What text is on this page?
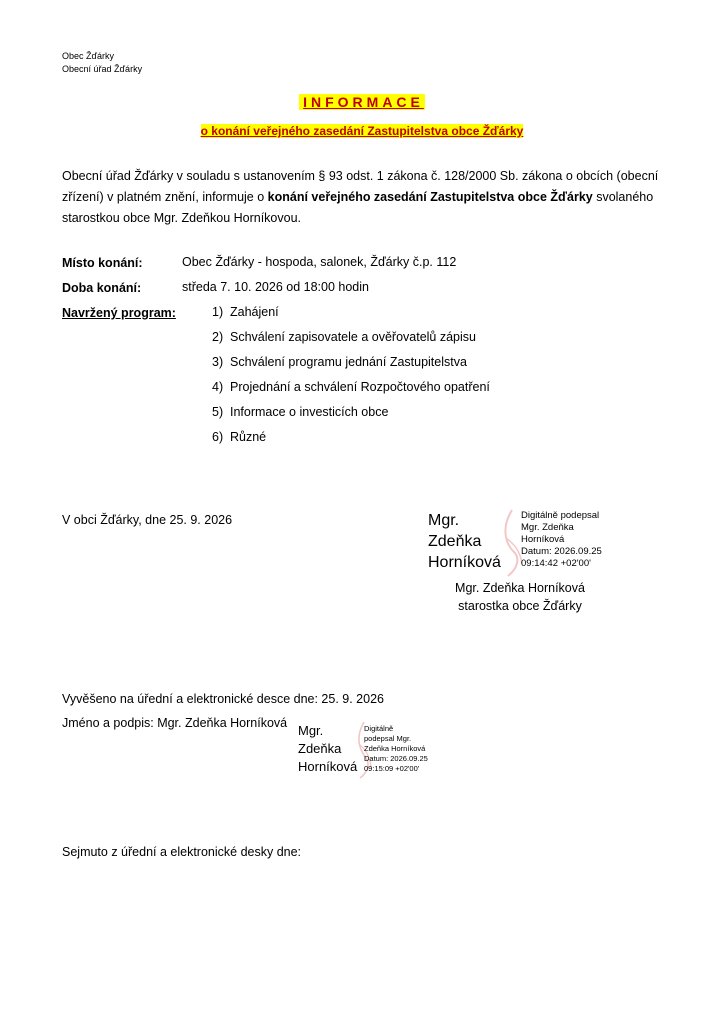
Obec Žďárky
Obecní úřad Žďárky
INFORMACE
o konání veřejného zasedání Zastupitelstva obce Žďárky
Obecní úřad Žďárky v souladu s ustanovením § 93 odst. 1 zákona č. 128/2000 Sb. zákona o obcích (obecní zřízení) v platném znění, informuje o konání veřejného zasedání Zastupitelstva obce Žďárky svolaného starostkou obce Mgr. Zdeňkou Horníkovou.
Místo konání:	Obec Žďárky - hospoda, salonek, Žďárky č.p. 112
Doba konání:	středa 7. 10. 2026 od 18:00 hodin
Navržený program:	1) Zahájení
2) Schválení zapisovatele a ověřovatelů zápisu
3) Schválení programu jednání Zastupitelstva
4) Projednání a schválení Rozpočtového opatření
5) Informace o investicích obce
6) Různé
V obci Žďárky, dne 25. 9. 2026	Mgr.
Zdeňka
Horníková
Digitálně podepsal
Mgr. Zdeňka
Horníková
Datum: 2026.09.25
09:14:42 +02'00'
Mgr. Zdeňka Horníková
starostka obce Žďárky
Vyvěšeno na úřední a elektronické desce dne: 25. 9. 2026
Jméno a podpis: Mgr. Zdeňka Horníková Mgr.
Zdeňka
Horníková
Digitálně
podepsal Mgr.
Zdeňka Horníková
Datum: 2026.09.25
09:15:09 +02'00'
Sejmuto z úřední a elektronické desky dne:
